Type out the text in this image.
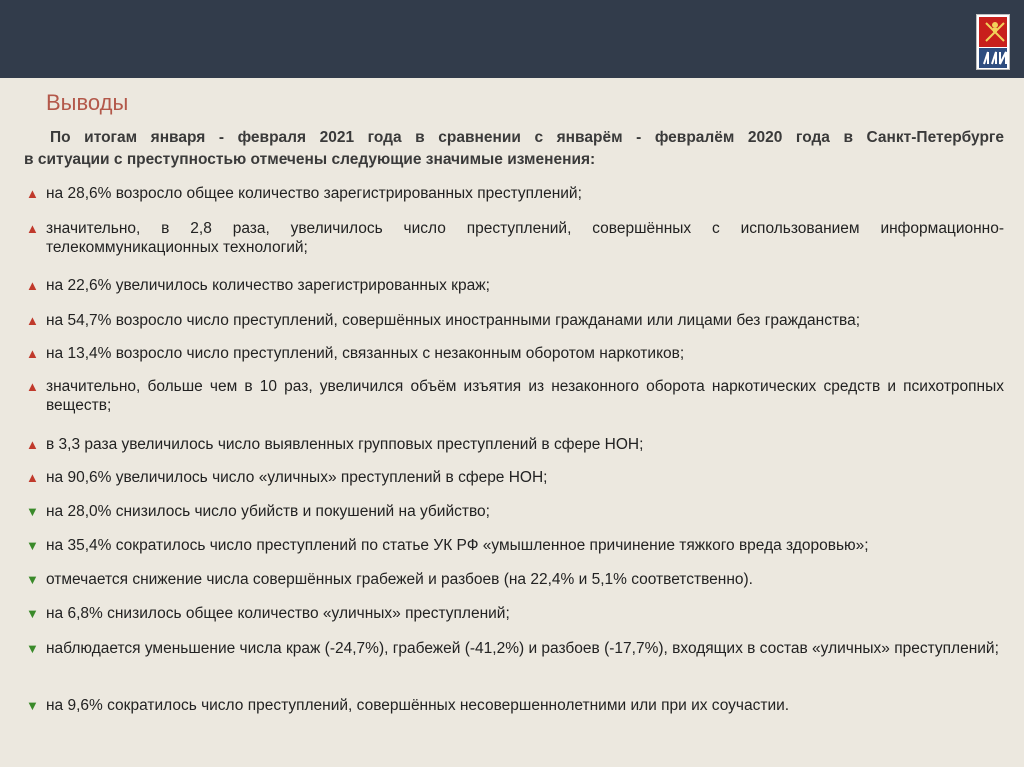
Выводы
По итогам января - февраля 2021 года в сравнении с январём - февралём 2020 года в Санкт-Петербурге
в ситуации с преступностью отмечены следующие значимые изменения:
▲ на 28,6% возросло общее количество зарегистрированных преступлений;
▲ значительно, в 2,8 раза, увеличилось число преступлений, совершённых с использованием информационно-телекоммуникационных технологий;
▲ на 22,6% увеличилось количество зарегистрированных краж;
▲ на 54,7% возросло число преступлений, совершённых иностранными гражданами или лицами без гражданства;
▲ на 13,4% возросло число преступлений, связанных с незаконным оборотом наркотиков;
▲ значительно, больше чем в 10 раз, увеличился объём изъятия из незаконного оборота наркотических средств и психотропных веществ;
▲ в 3,3 раза увеличилось число выявленных групповых преступлений в сфере НОН;
▲ на 90,6% увеличилось число «уличных» преступлений в сфере НОН;
▼ на 28,0% снизилось число убийств и покушений на убийство;
▼ на 35,4% сократилось число преступлений по статье УК РФ «умышленное причинение тяжкого вреда здоровью»;
▼ отмечается снижение числа совершённых грабежей и разбоев (на 22,4% и 5,1% соответственно).
▼ на 6,8% снизилось общее количество «уличных» преступлений;
▼ наблюдается уменьшение числа краж (-24,7%), грабежей (-41,2%) и разбоев (-17,7%), входящих в состав «уличных» преступлений;
▼ на 9,6% сократилось число преступлений, совершённых несовершеннолетними или при их соучастии.
